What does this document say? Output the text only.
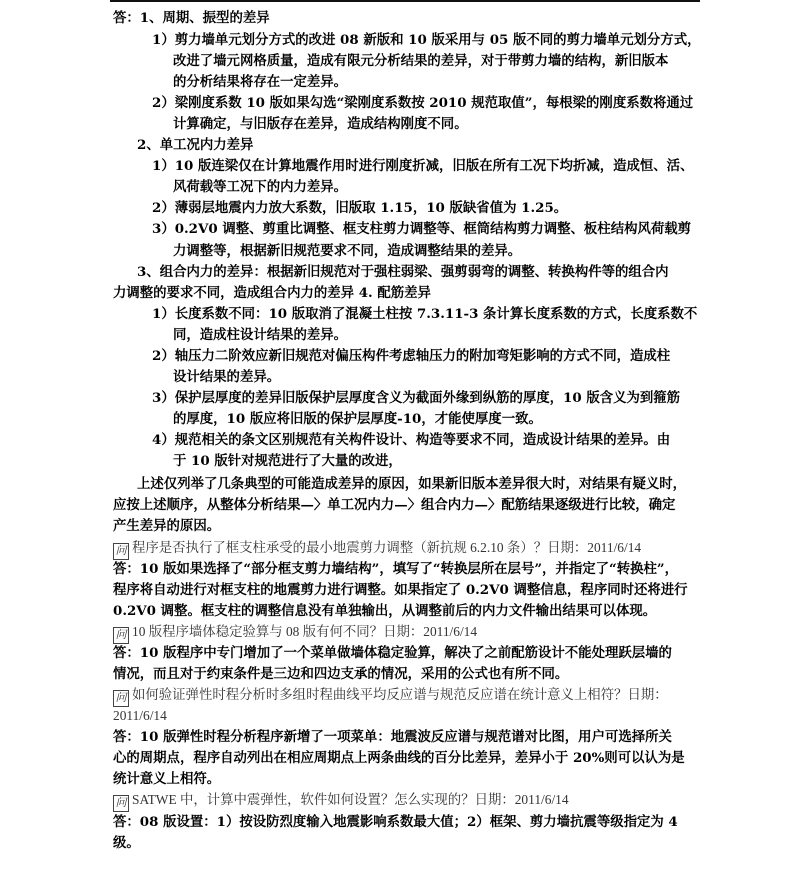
答：1、周期、振型的差异
1）剪力墙单元划分方式的改进 08 新版和 10 版采用与 05 版不同的剪力墙单元划分方式，
改进了墙元网格质量，造成有限元分析结果的差异，对于带剪力墙的结构，新旧版本
的分析结果将存在一定差异。
2）梁刚度系数 10 版如果勾选“梁刚度系数按 2010 规范取值”，每根梁的刚度系数将通过
计算确定，与旧版存在差异，造成结构刚度不同。
2、单工况内力差异
1）10 版连梁仅在计算地震作用时进行刚度折减，旧版在所有工况下均折减，造成恒、活、
风荷载等工况下的内力差异。
2）薄弱层地震内力放大系数，旧版取 1.15，10 版缺省值为 1.25。
3）0.2V0 调整、剪重比调整、框支柱剪力调整等、框筒结构剪力调整、板柱结构风荷载剪
力调整等，根据新旧规范要求不同，造成调整结果的差异。
3、组合内力的差异：根据新旧规范对于强柱弱梁、强剪弱弯的调整、转换构件等的组合内
力调整的要求不同，造成组合内力的差异 4. 配筋差异
1）长度系数不同：10 版取消了混凝土柱按 7.3.11-3 条计算长度系数的方式，长度系数不
同，造成柱设计结果的差异。
2）轴压力二阶效应新旧规范对偏压构件考虑轴压力的附加弯矩影响的方式不同，造成柱
设计结果的差异。
3）保护层厚度的差异旧版保护层厚度含义为截面外缘到纵筋的厚度，10 版含义为到箍筋
的厚度，10 版应将旧版的保护层厚度-10，才能使厚度一致。
4）规范相关的条文区别规范有关构件设计、构造等要求不同，造成设计结果的差异。由
于 10 版针对规范进行了大量的改进，
上述仅列举了几条典型的可能造成差异的原因，如果新旧版本差异很大时，对结果有疑义时，
应按上述顺序，从整体分析结果—〉单工况内力—〉组合内力—〉配筋结果逐级进行比较，确定
产生差异的原因。
问 程序是否执行了框支柱承受的最小地震剪力调整（新抗规 6.2.10 条）？日期：2011/6/14
答：10 版如果选择了“部分框支剪力墙结构”，填写了“转换层所在层号”，并指定了“转换柱”，
程序将自动进行对框支柱的地震剪力进行调整。如果指定了 0.2V0 调整信息，程序同时还将进行
0.2V0 调整。框支柱的调整信息没有单独输出，从调整前后的内力文件输出结果可以体现。
问 10 版程序墙体稳定验算与 08 版有何不同？日期：2011/6/14
答：10 版程序中专门增加了一个菜单做墙体稳定验算，解决了之前配筋设计不能处理跃层墙的
情况，而且对于约束条件是三边和四边支承的情况，采用的公式也有所不同。
问 如何验证弹性时程分析时多组时程曲线平均反应谱与规范反应谱在统计意义上相符？日期：
2011/6/14
答：10 版弹性时程分析程序新增了一项菜单：地震波反应谱与规范谱对比图，用户可选择所关
心的周期点，程序自动列出在相应周期点上两条曲线的百分比差异，差异小于 20%则可以认为是
统计意义上相符。
问 SATWE 中，计算中震弹性，软件如何设置？怎么实现的？日期：2011/6/14
答：08 版设置：1）按设防烈度输入地震影响系数最大值；2）框架、剪力墙抗震等级指定为 4
级。
